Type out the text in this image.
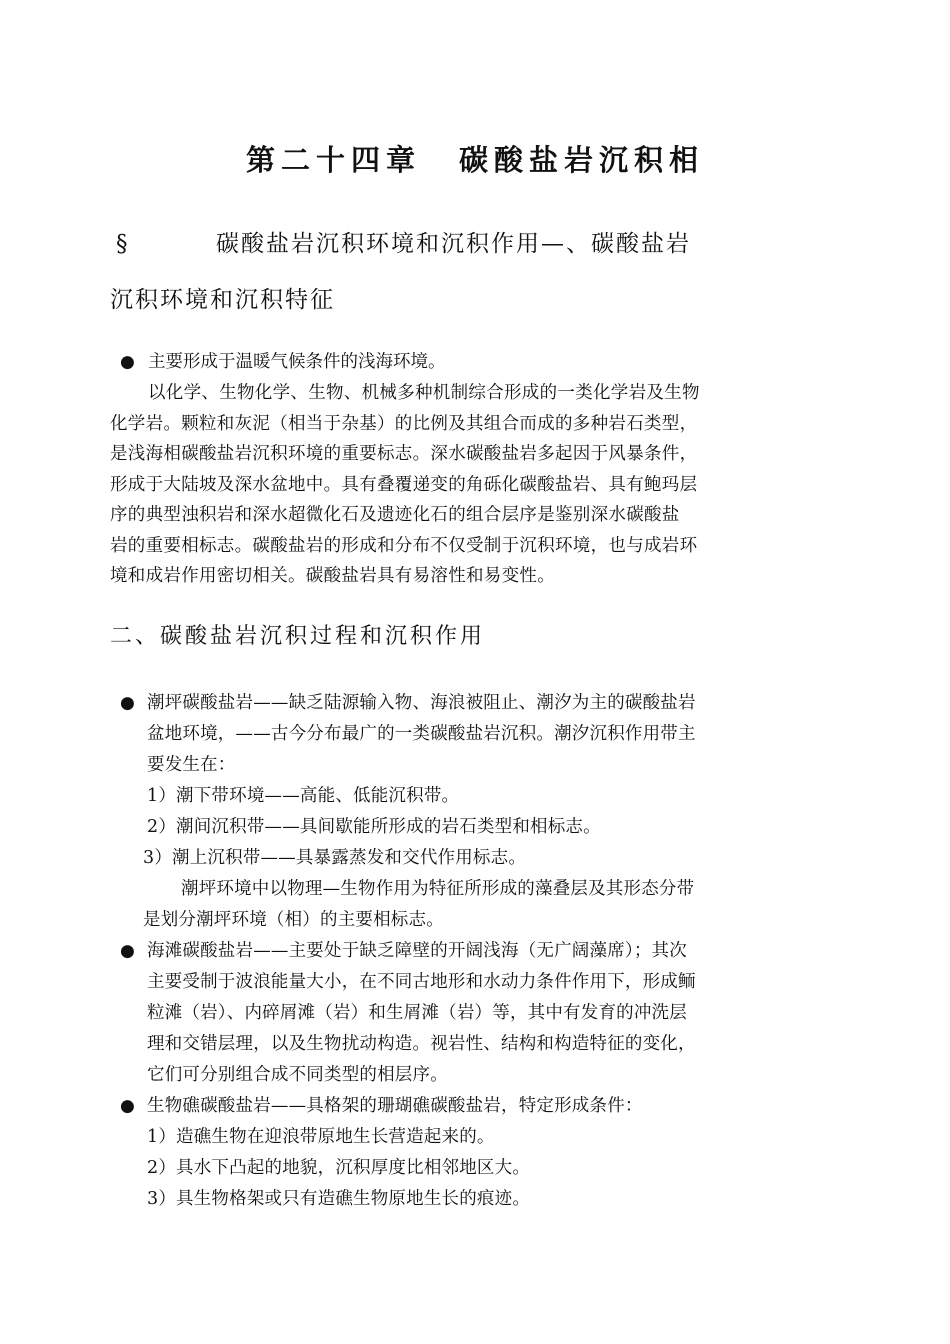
第二十四章 碳酸盐岩沉积相
§	碳酸盐岩沉积环境和沉积作用—、碳酸盐岩
沉积环境和沉积特征
● 主要形成于温暖气候条件的浅海环境。
以化学、生物化学、生物、机械多种机制综合形成的一类化学岩及生物
化学岩。颗粒和灰泥（相当于杂基）的比例及其组合而成的多种岩石类型，
是浅海相碳酸盐岩沉积环境的重要标志。深水碳酸盐岩多起因于风暴条件，
形成于大陆坡及深水盆地中。具有叠覆递变的角砾化碳酸盐岩、具有鲍玛层
序的典型浊积岩和深水超微化石及遗迹化石的组合层序是鉴别深水碳酸盐
岩的重要相标志。碳酸盐岩的形成和分布不仅受制于沉积环境，也与成岩环
境和成岩作用密切相关。碳酸盐岩具有易溶性和易变性。
二、碳酸盐岩沉积过程和沉积作用
● 潮坪碳酸盐岩——缺乏陆源输入物、海浪被阻止、潮汐为主的碳酸盐岩
盆地环境，——古今分布最广的一类碳酸盐岩沉积。潮汐沉积作用带主
要发生在：
1）潮下带环境——高能、低能沉积带。
2）潮间沉积带——具间歇能所形成的岩石类型和相标志。
3）潮上沉积带——具暴露蒸发和交代作用标志。
潮坪环境中以物理—生物作用为特征所形成的藻叠层及其形态分带
是划分潮坪环境（相）的主要相标志。
● 海滩碳酸盐岩——主要处于缺乏障壁的开阔浅海（无广阔藻席）；其次
主要受制于波浪能量大小，在不同古地形和水动力条件作用下，形成鲕
粒滩（岩）、内碎屑滩（岩）和生屑滩（岩）等，其中有发育的冲洗层
理和交错层理，以及生物扰动构造。视岩性、结构和构造特征的变化，
它们可分别组合成不同类型的相层序。
● 生物礁碳酸盐岩——具格架的珊瑚礁碳酸盐岩，特定形成条件：
1）造礁生物在迎浪带原地生长营造起来的。
2）具水下凸起的地貌，沉积厚度比相邻地区大。
3）具生物格架或只有造礁生物原地生长的痕迹。
